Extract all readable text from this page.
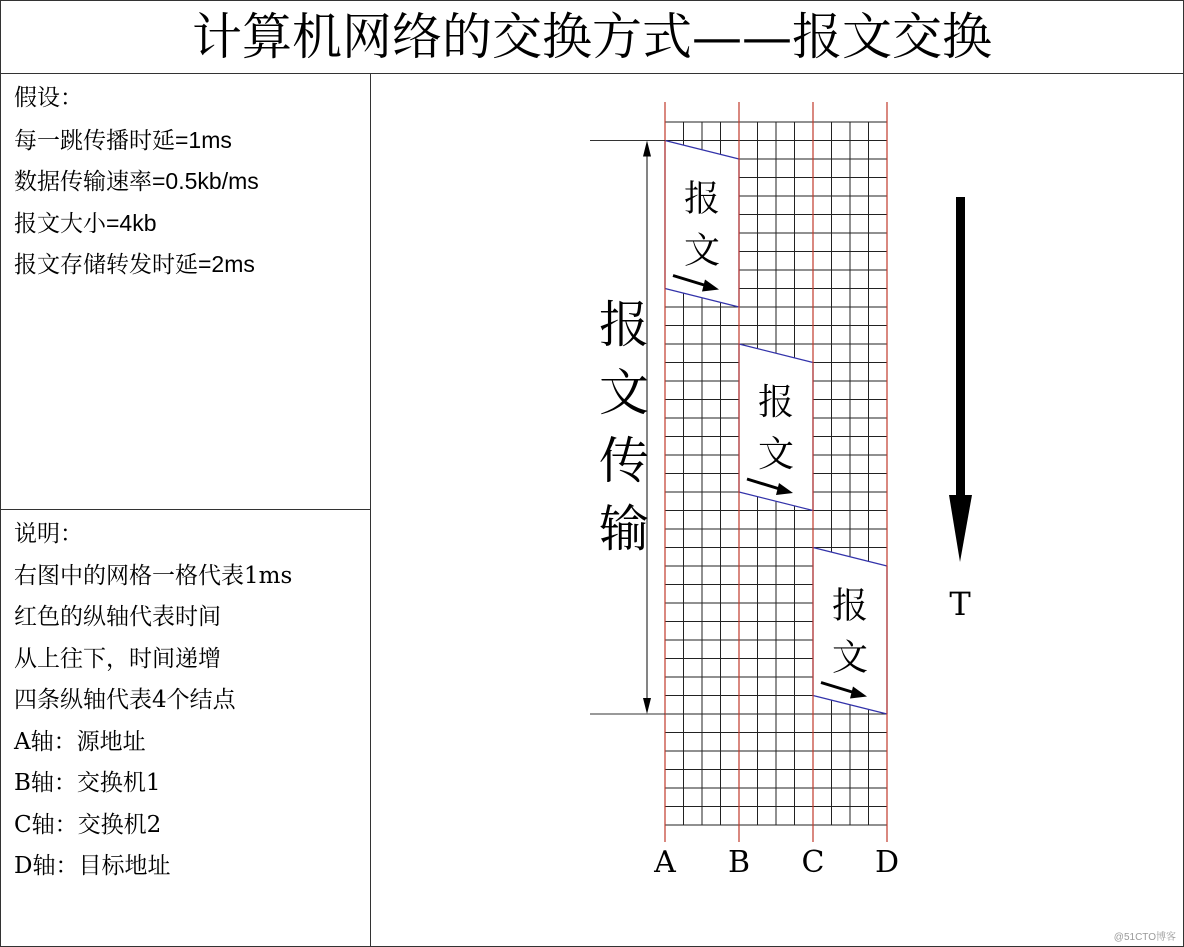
计算机网络的交换方式——报文交换
假设：
每一跳传播时延=1ms
数据传输速率=0.5kb/ms
报文大小=4kb
报文存储转发时延=2ms
说明：
右图中的网格一格代表1ms
红色的纵轴代表时间
从上往下，时间递增
四条纵轴代表4个结点
A轴：源地址
B轴：交换机1
C轴：交换机2
D轴：目标地址
报
文
报
文
报
文
A B C D
T
报文传输
@51CTO博客
